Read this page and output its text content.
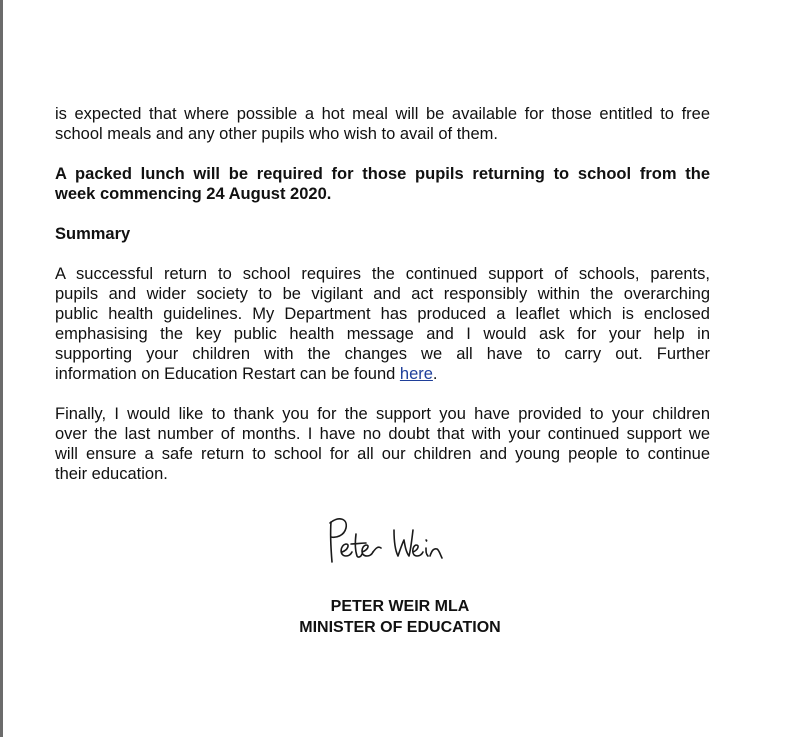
is expected that where possible a hot meal will be available for those entitled to free
school meals and any other pupils who wish to avail of them.

A packed lunch will be required for those pupils returning to school from the
week commencing 24 August 2020.

Summary

A successful return to school requires the continued support of schools, parents,
pupils and wider society to be vigilant and act responsibly within the overarching
public health guidelines. My Department has produced a leaflet which is enclosed
emphasising the key public health message and I would ask for your help in
supporting your children with the changes we all have to carry out. Further
information on Education Restart can be found here.

Finally, I would like to thank you for the support you have provided to your children
over the last number of months. I have no doubt that with your continued support we
will ensure a safe return to school for all our children and young people to continue
their education.

PETER WEIR MLA
MINISTER OF EDUCATION
